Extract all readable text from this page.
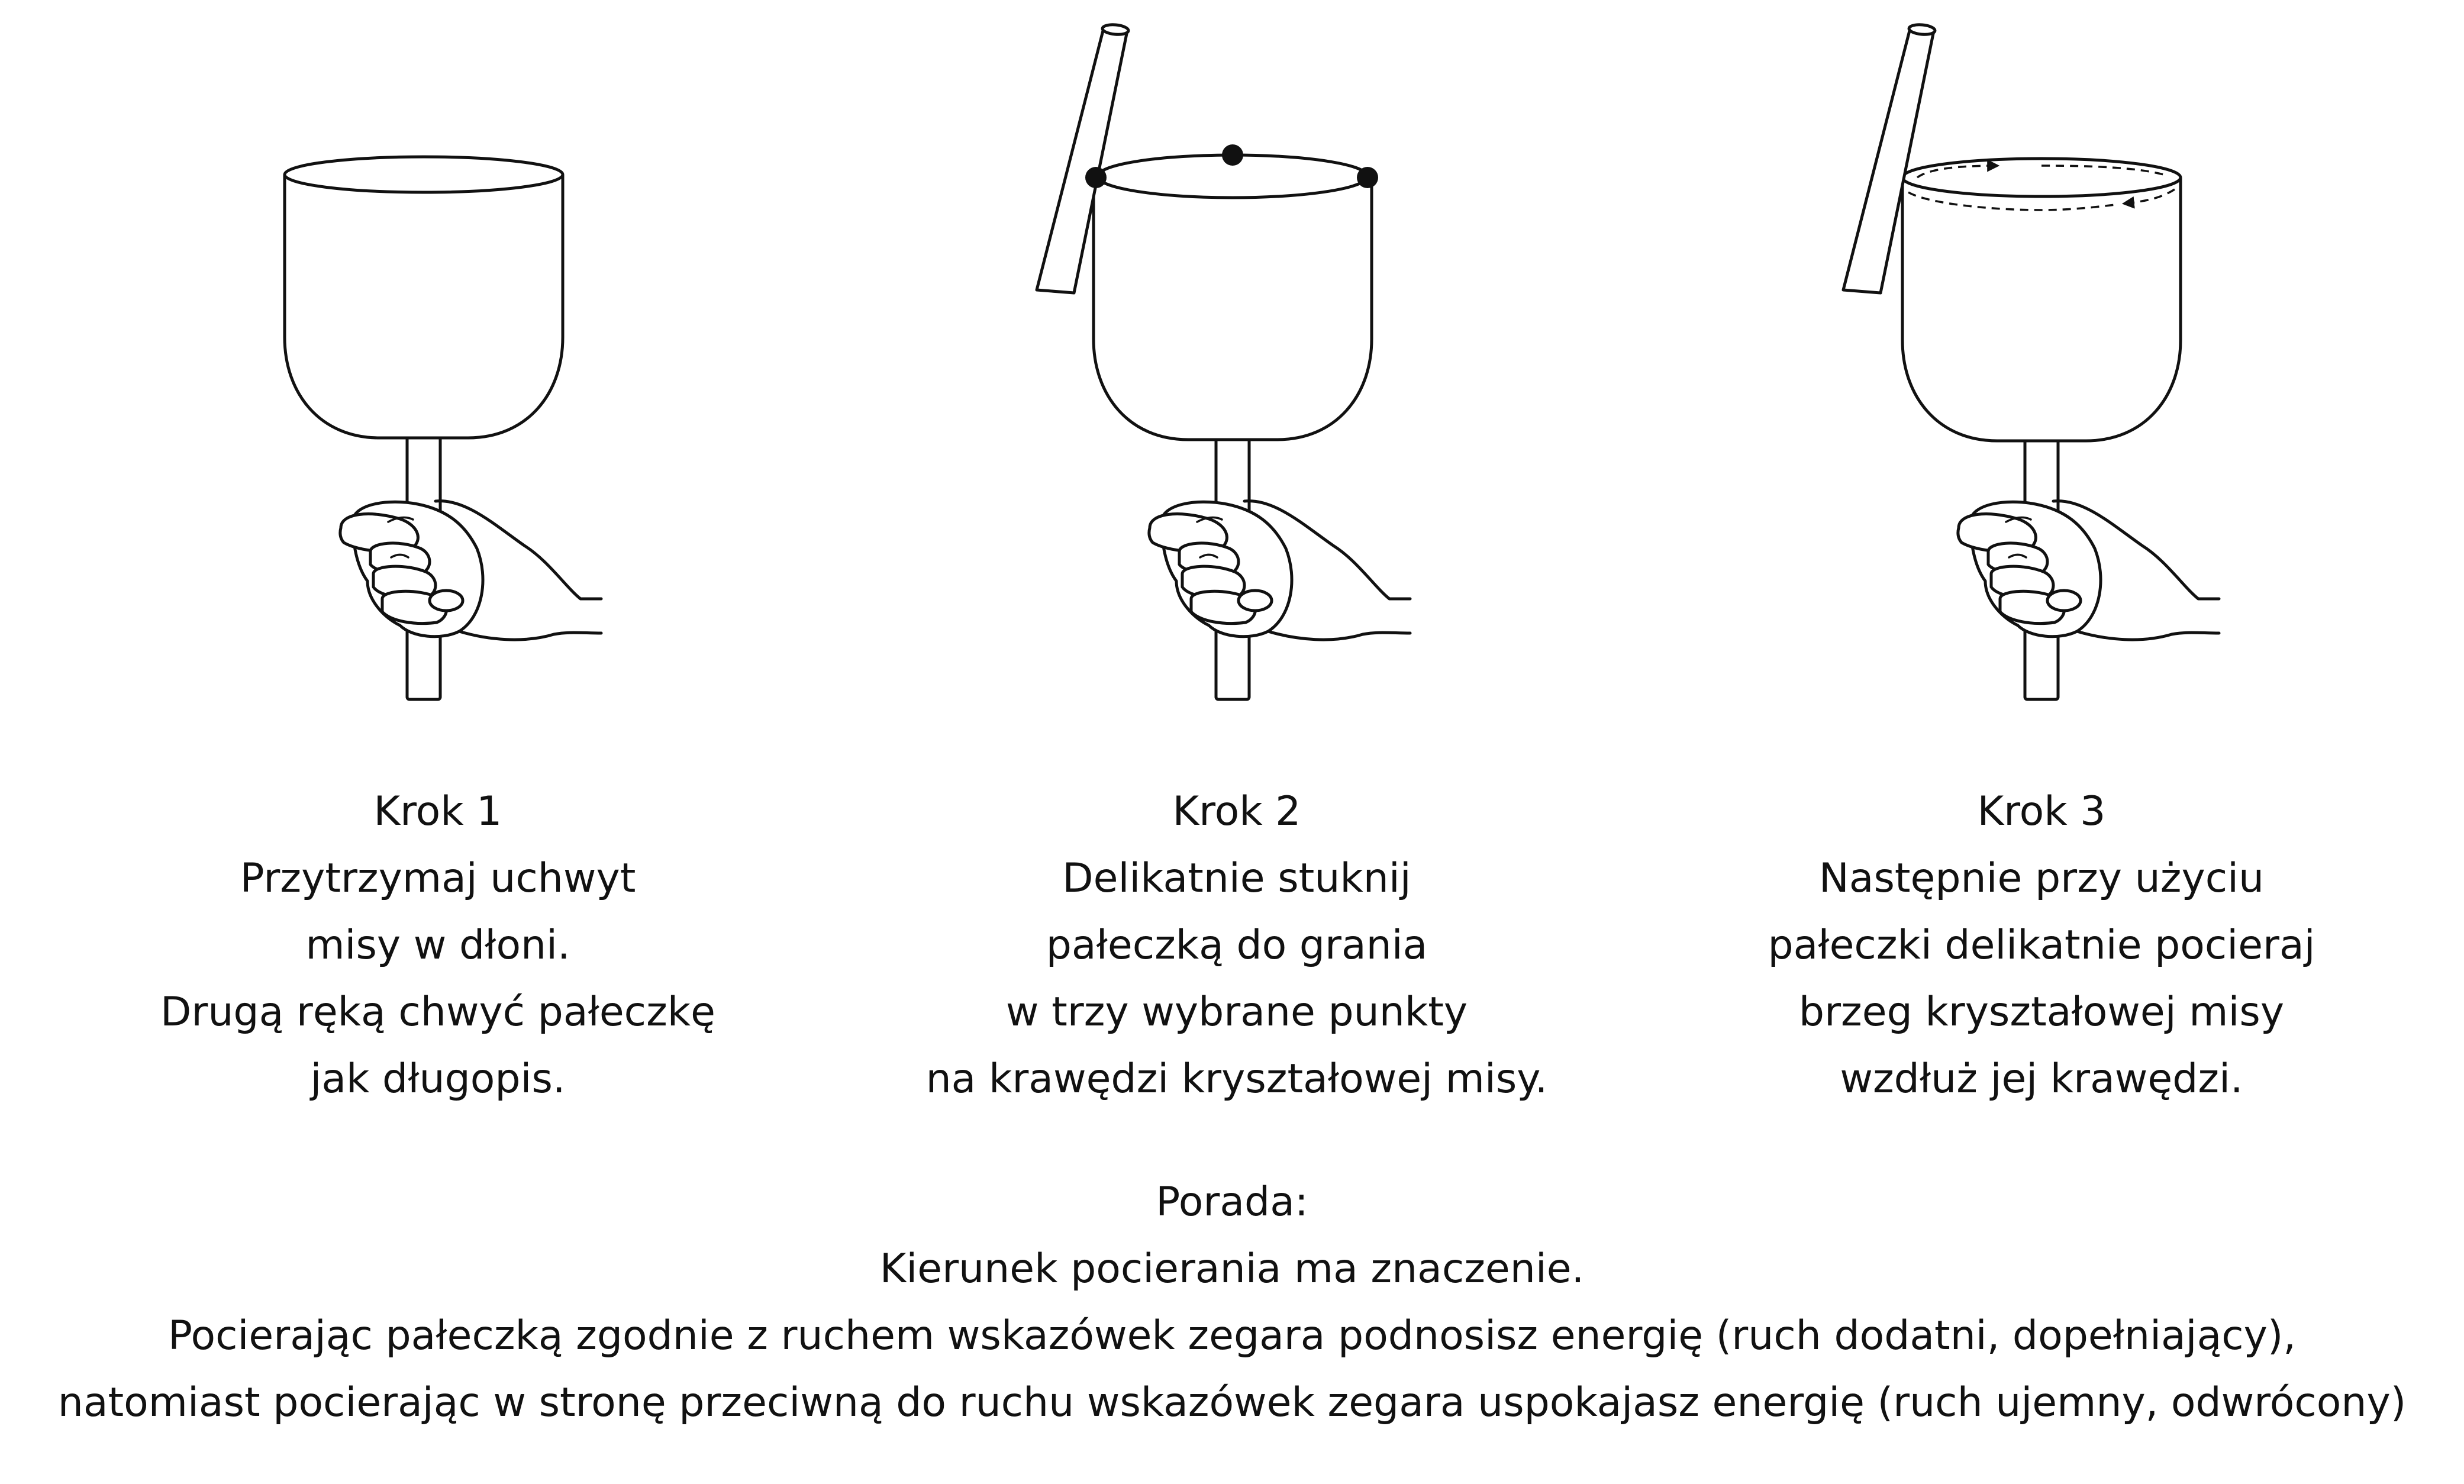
Krok 1
Przytrzymaj uchwyt
misy w dłoni.
Drugą ręką chwyć pałeczkę
jak długopis.
Krok 2
Delikatnie stuknij
pałeczką do grania
w trzy wybrane punkty
na krawędzi kryształowej misy.
Krok 3
Następnie przy użyciu
pałeczki delikatnie pocieraj
brzeg kryształowej misy
wzdłuż jej krawędzi.
Porada:
Kierunek pocierania ma znaczenie.
Pocierając pałeczką zgodnie z ruchem wskazówek zegara podnosisz energię (ruch dodatni, dopełniający),
natomiast pocierając w stronę przeciwną do ruchu wskazówek zegara uspokajasz energię (ruch ujemny, odwrócony)
